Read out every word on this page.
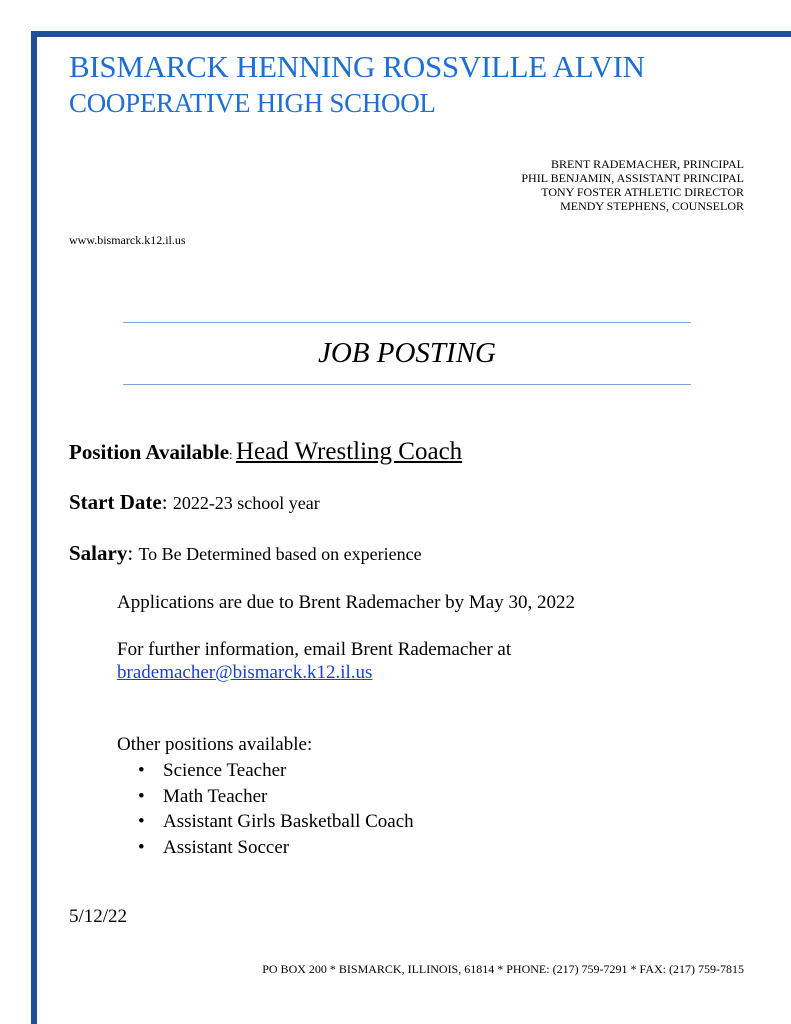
BISMARCK HENNING ROSSVILLE ALVIN
COOPERATIVE HIGH SCHOOL
BRENT RADEMACHER, PRINCIPAL
PHIL BENJAMIN, ASSISTANT PRINCIPAL
TONY FOSTER ATHLETIC DIRECTOR
MENDY STEPHENS, COUNSELOR
www.bismarck.k12.il.us
JOB POSTING
Position Available: Head Wrestling Coach
Start Date: 2022-23 school year
Salary: To Be Determined based on experience
Applications are due to Brent Rademacher by May 30, 2022
For further information, email Brent Rademacher at
brademacher@bismarck.k12.il.us
Other positions available:
• Science Teacher
• Math Teacher
• Assistant Girls Basketball Coach
• Assistant Soccer
5/12/22
PO BOX 200 * BISMARCK, ILLINOIS, 61814 * PHONE: (217) 759-7291 * FAX: (217) 759-7815
